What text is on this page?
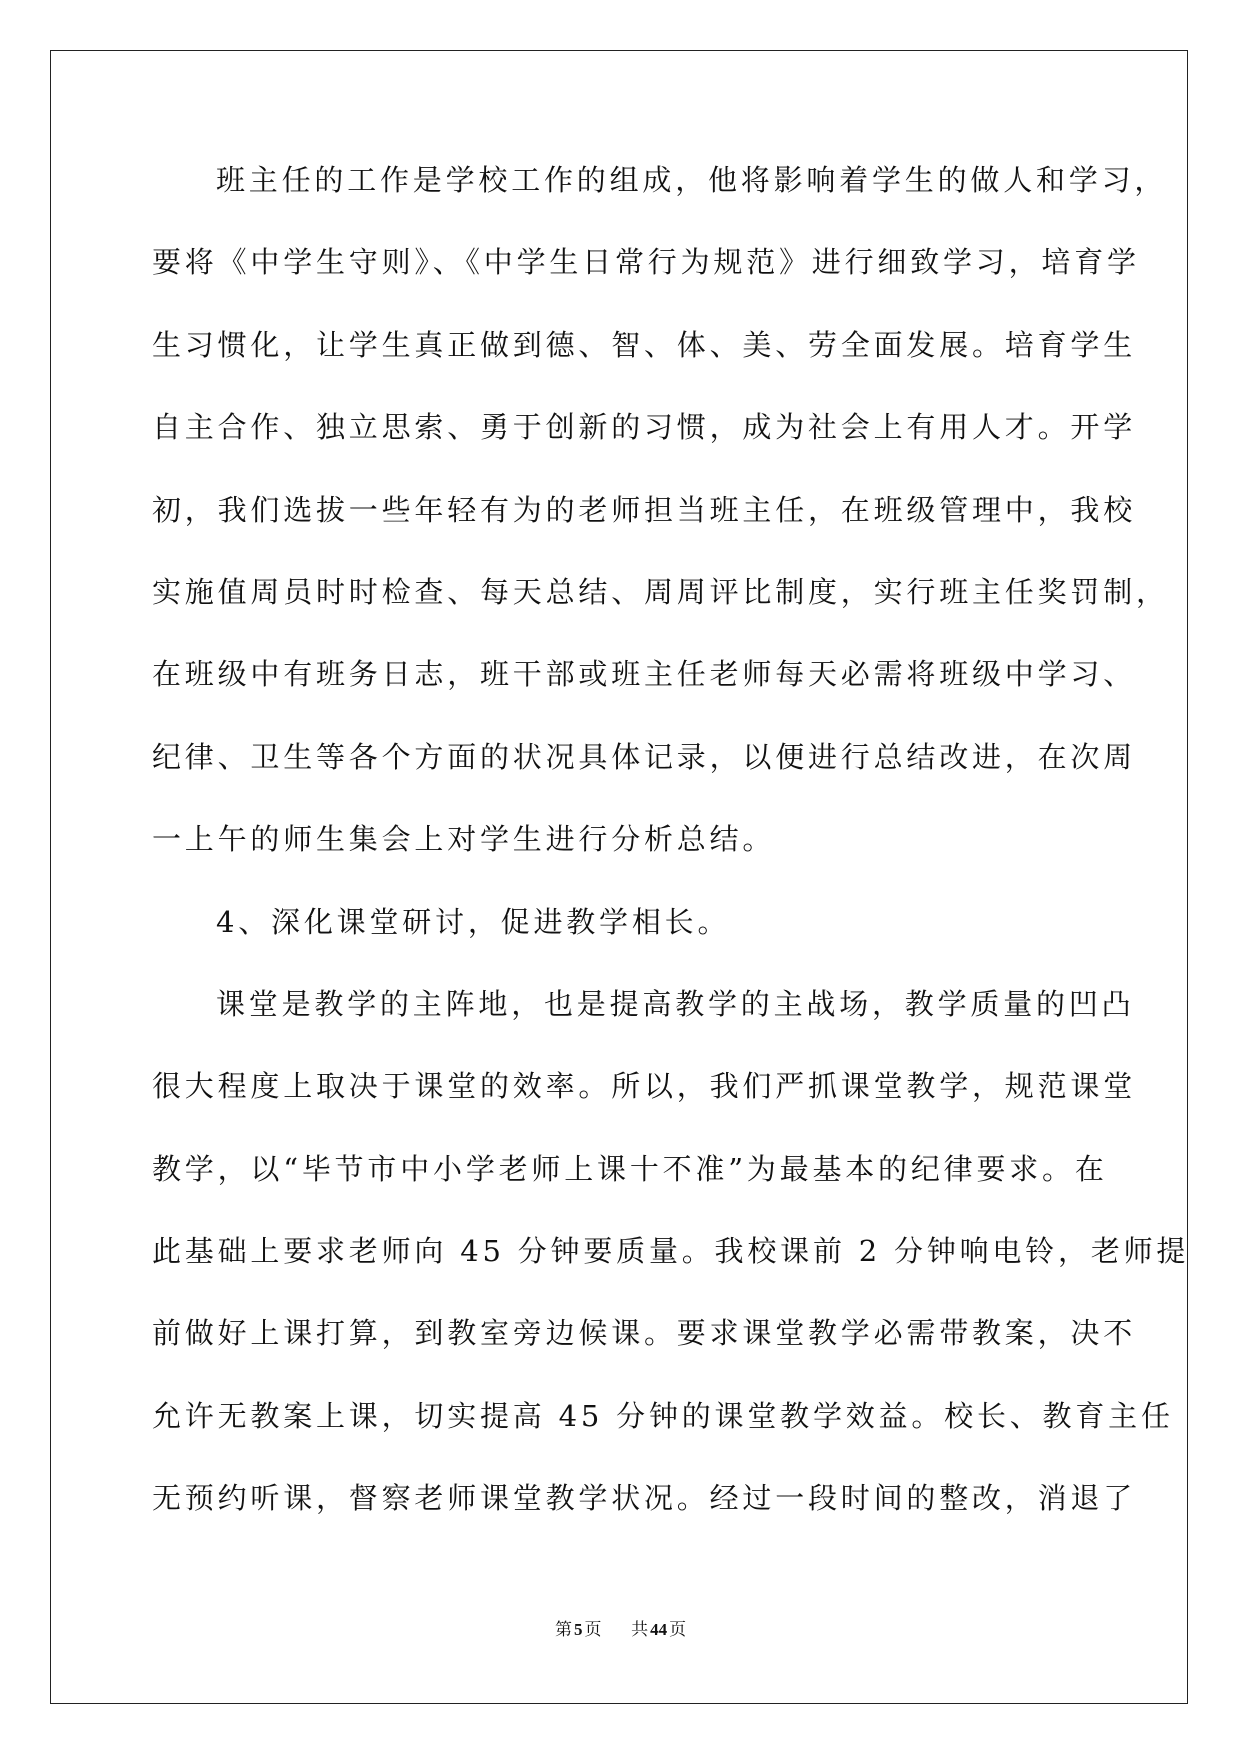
班主任的工作是学校工作的组成，他将影响着学生的做人和学习，
要将《中学生守则》、《中学生日常行为规范》进行细致学习，培育学
生习惯化，让学生真正做到德、智、体、美、劳全面发展。培育学生
自主合作、独立思索、勇于创新的习惯，成为社会上有用人才。开学
初，我们选拔一些年轻有为的老师担当班主任，在班级管理中，我校
实施值周员时时检查、每天总结、周周评比制度，实行班主任奖罚制，
在班级中有班务日志，班干部或班主任老师每天必需将班级中学习、
纪律、卫生等各个方面的状况具体记录，以便进行总结改进，在次周
一上午的师生集会上对学生进行分析总结。
4、深化课堂研讨，促进教学相长。
课堂是教学的主阵地，也是提高教学的主战场，教学质量的凹凸
很大程度上取决于课堂的效率。所以，我们严抓课堂教学，规范课堂
教学，以“毕节市中小学老师上课十不准”为最基本的纪律要求。在
此基础上要求老师向 45 分钟要质量。我校课前 2 分钟响电铃，老师提
前做好上课打算，到教室旁边候课。要求课堂教学必需带教案，决不
允许无教案上课，切实提高 45 分钟的课堂教学效益。校长、教育主任
无预约听课，督察老师课堂教学状况。经过一段时间的整改，消退了
第 5 页 共 44 页
